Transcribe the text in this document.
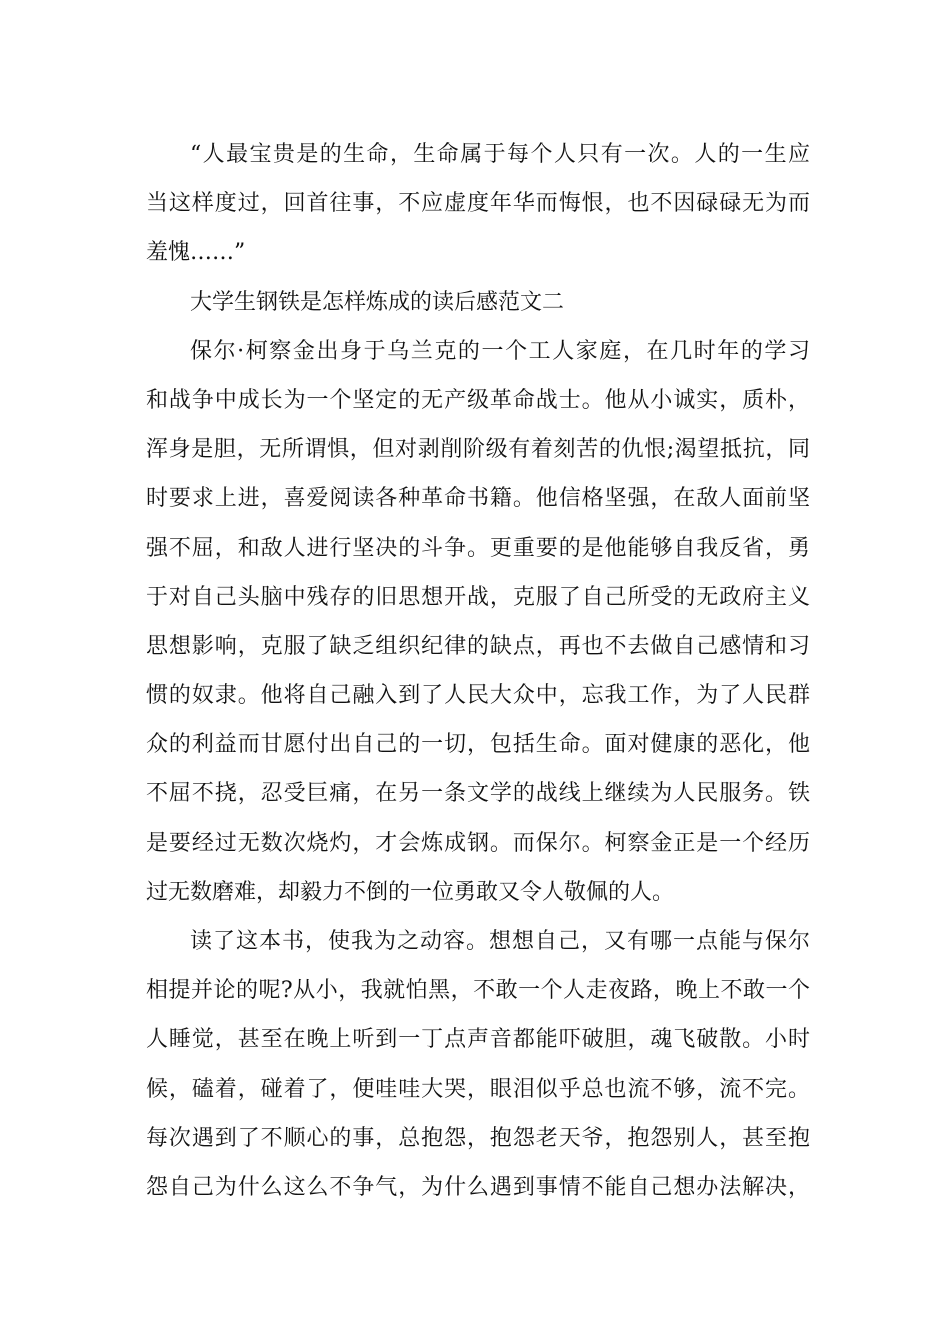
“人最宝贵是的生命，生命属于每个人只有一次。人的一生应
当这样度过，回首往事，不应虚度年华而悔恨，也不因碌碌无为而
羞愧……”
大学生钢铁是怎样炼成的读后感范文二
保尔·柯察金出身于乌兰克的一个工人家庭，在几时年的学习
和战争中成长为一个坚定的无产级革命战士。他从小诚实，质朴，
浑身是胆，无所谓惧，但对剥削阶级有着刻苦的仇恨;渴望抵抗，同
时要求上进，喜爱阅读各种革命书籍。他信格坚强，在敌人面前坚
强不屈，和敌人进行坚决的斗争。更重要的是他能够自我反省，勇
于对自己头脑中残存的旧思想开战，克服了自己所受的无政府主义
思想影响，克服了缺乏组织纪律的缺点，再也不去做自己感情和习
惯的奴隶。他将自己融入到了人民大众中，忘我工作，为了人民群
众的利益而甘愿付出自己的一切，包括生命。面对健康的恶化，他
不屈不挠，忍受巨痛，在另一条文学的战线上继续为人民服务。铁
是要经过无数次烧灼，才会炼成钢。而保尔。柯察金正是一个经历
过无数磨难，却毅力不倒的一位勇敢又令人敬佩的人。
读了这本书，使我为之动容。想想自己，又有哪一点能与保尔
相提并论的呢?从小，我就怕黑，不敢一个人走夜路，晚上不敢一个
人睡觉，甚至在晚上听到一丁点声音都能吓破胆，魂飞破散。小时
候，磕着，碰着了，便哇哇大哭，眼泪似乎总也流不够，流不完。
每次遇到了不顺心的事，总抱怨，抱怨老天爷，抱怨别人，甚至抱
怨自己为什么这么不争气，为什么遇到事情不能自己想办法解决，
